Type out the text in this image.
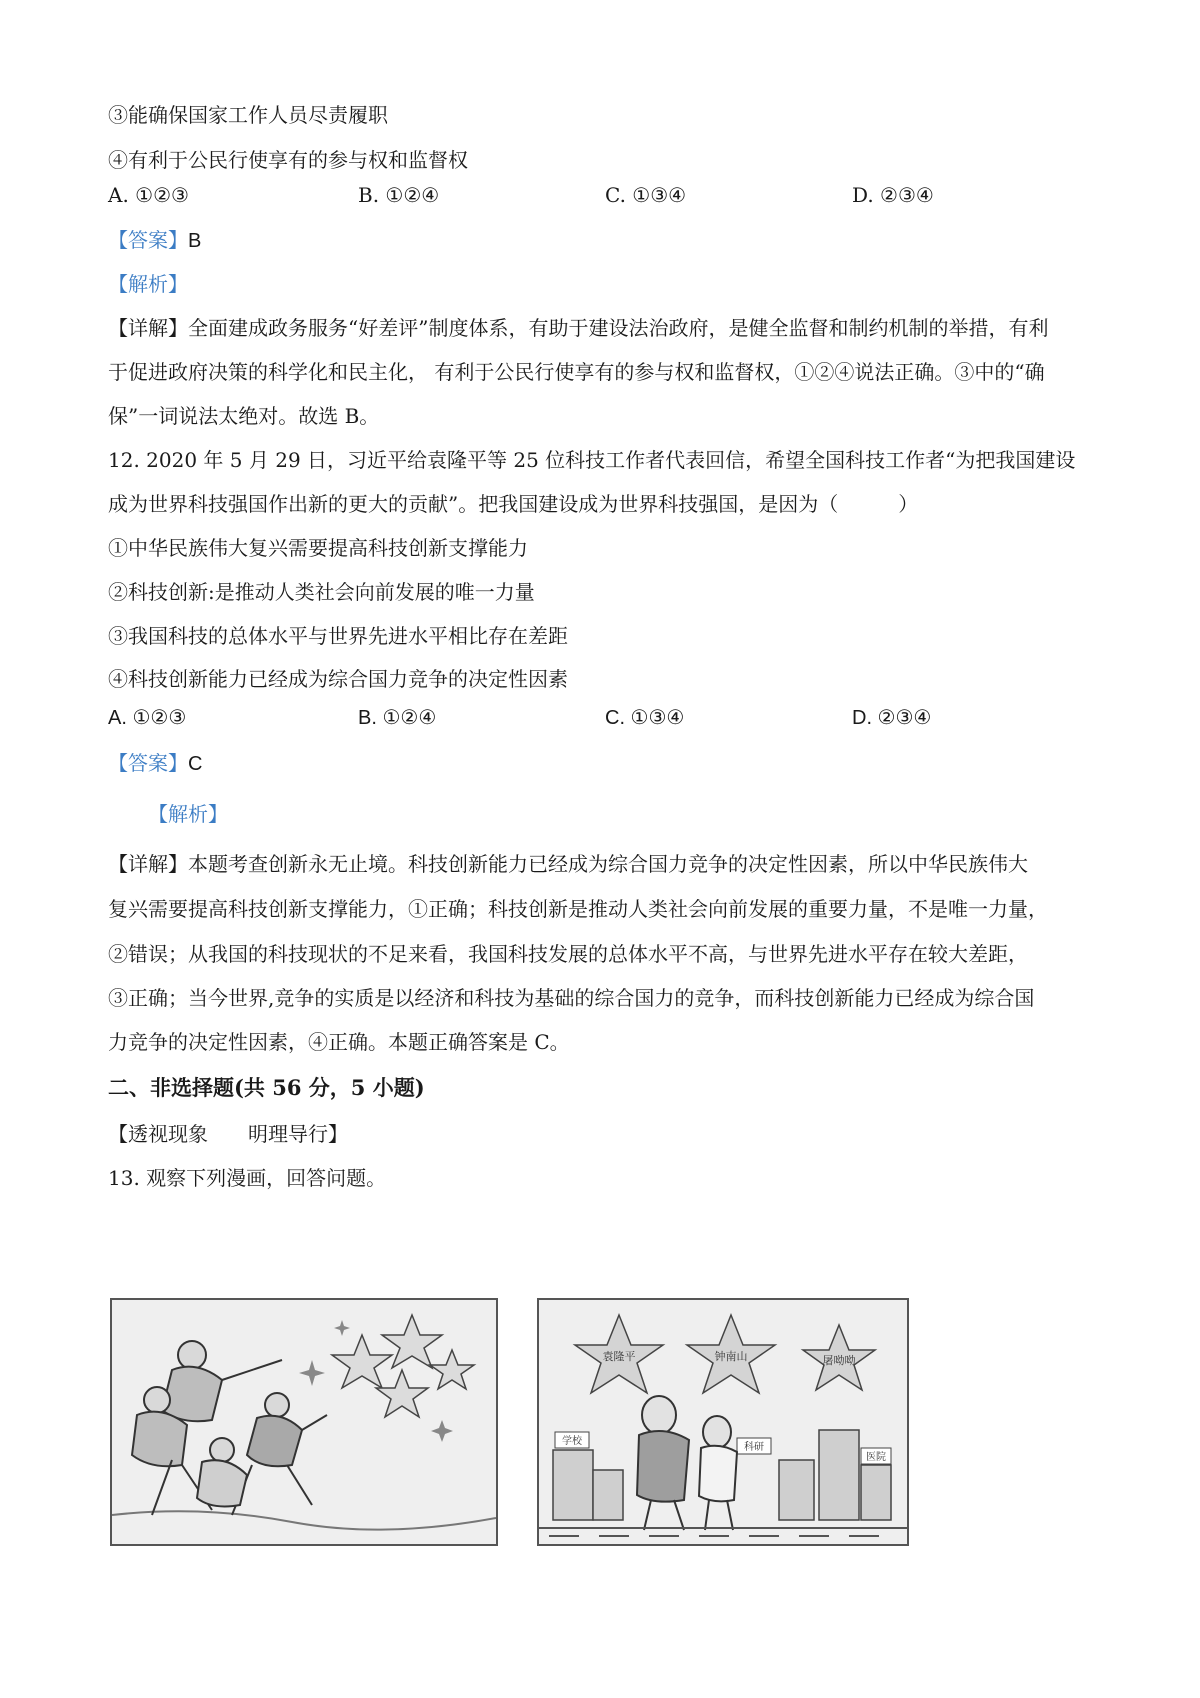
③能确保国家工作人员尽责履职
④有利于公民行使享有的参与权和监督权
A. ①②③	B. ①②④	C. ①③④	D. ②③④
【答案】B
【解析】
【详解】全面建成政务服务“好差评”制度体系，有助于建设法治政府，是健全监督和制约机制的举措，有利
于促进政府决策的科学化和民主化， 有利于公民行使享有的参与权和监督权，①②④说法正确。③中的“确
保”一词说法太绝对。故选 B。
12. 2020 年 5 月 29 日，习近平给袁隆平等 25 位科技工作者代表回信，希望全国科技工作者“为把我国建设
成为世界科技强国作出新的更大的贡献”。把我国建设成为世界科技强国，是因为（　　　）
①中华民族伟大复兴需要提高科技创新支撑能力
②科技创新:是推动人类社会向前发展的唯一力量
③我国科技的总体水平与世界先进水平相比存在差距
④科技创新能力已经成为综合国力竞争的决定性因素
A. ①②③	B. ①②④	C. ①③④	D. ②③④
【答案】C
【解析】
【详解】本题考查创新永无止境。科技创新能力已经成为综合国力竞争的决定性因素，所以中华民族伟大
复兴需要提高科技创新支撑能力，①正确；科技创新是推动人类社会向前发展的重要力量，不是唯一力量，
②错误；从我国的科技现状的不足来看，我国科技发展的总体水平不高，与世界先进水平存在较大差距，
③正确；当今世界,竞争的实质是以经济和科技为基础的综合国力的竞争，而科技创新能力已经成为综合国
力竞争的决定性因素，④正确。本题正确答案是 C。
二、非选择题(共 56 分，5 小题)
【透视现象　　明理导行】
13. 观察下列漫画，回答问题。
袁隆平	钟南山	屠呦呦
学校
科研
医院
